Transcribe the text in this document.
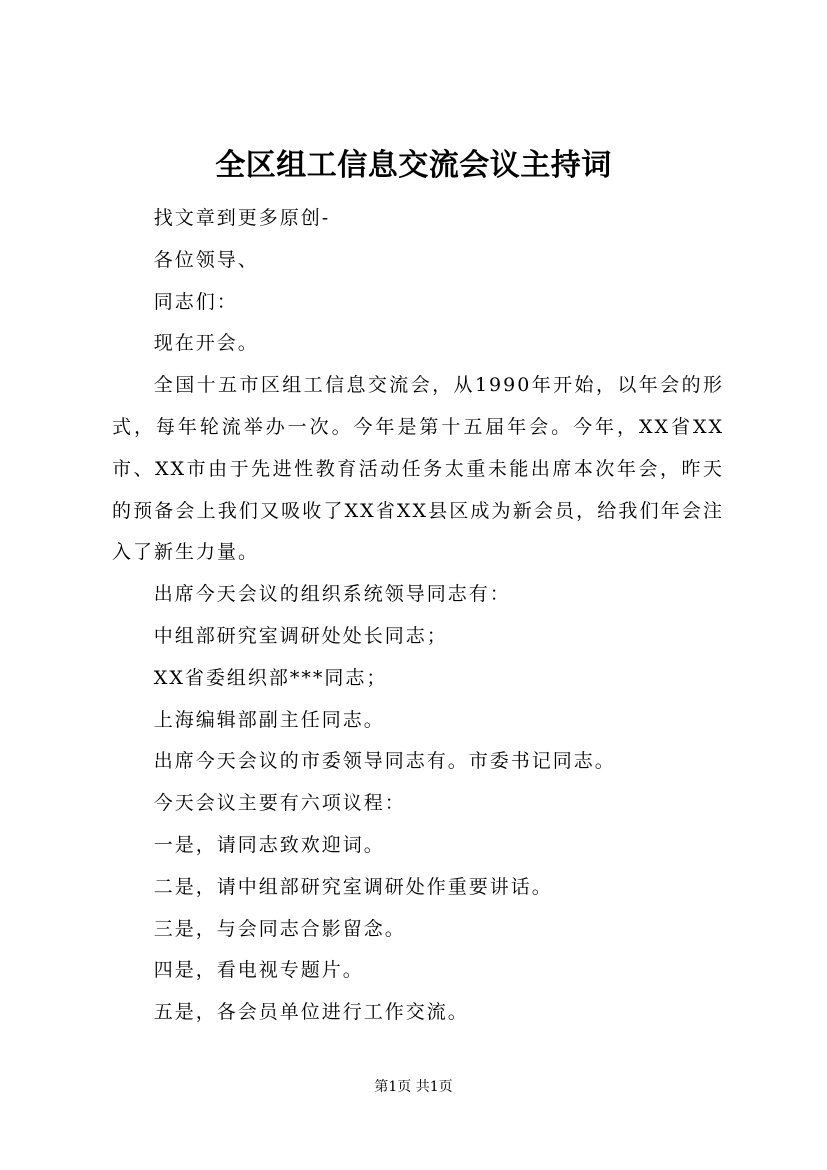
全区组工信息交流会议主持词

找文章到更多原创-

各位领导、

同志们：

现在开会。

全国十五市区组工信息交流会，从1990年开始，以年会的形式，每年轮流举办一次。今年是第十五届年会。今年，XX省XX市、XX市由于先进性教育活动任务太重未能出席本次年会，昨天的预备会上我们又吸收了XX省XX县区成为新会员，给我们年会注入了新生力量。

出席今天会议的组织系统领导同志有：

中组部研究室调研处处长同志；

XX省委组织部***同志；

上海编辑部副主任同志。

出席今天会议的市委领导同志有。市委书记同志。

今天会议主要有六项议程：

一是，请同志致欢迎词。

二是，请中组部研究室调研处作重要讲话。

三是，与会同志合影留念。

四是，看电视专题片。

五是，各会员单位进行工作交流。

第1页 共1页
